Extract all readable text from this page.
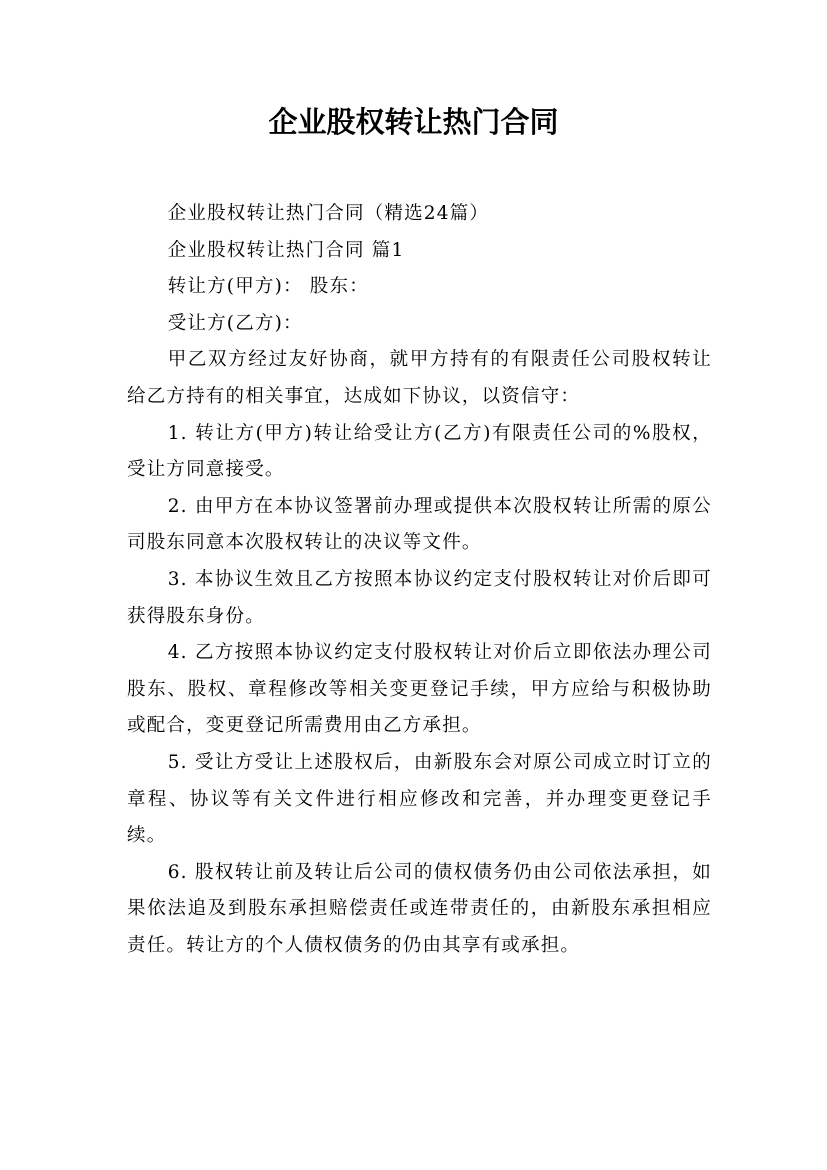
企业股权转让热门合同

企业股权转让热门合同（精选24篇）

企业股权转让热门合同 篇1

转让方(甲方)： 股东：

受让方(乙方)：

甲乙双方经过友好协商，就甲方持有的有限责任公司股权转让给乙方持有的相关事宜，达成如下协议，以资信守：

1. 转让方(甲方)转让给受让方(乙方)有限责任公司的%股权，受让方同意接受。

2. 由甲方在本协议签署前办理或提供本次股权转让所需的原公司股东同意本次股权转让的决议等文件。

3. 本协议生效且乙方按照本协议约定支付股权转让对价后即可获得股东身份。

4. 乙方按照本协议约定支付股权转让对价后立即依法办理公司股东、股权、章程修改等相关变更登记手续，甲方应给与积极协助或配合，变更登记所需费用由乙方承担。

5. 受让方受让上述股权后，由新股东会对原公司成立时订立的章程、协议等有关文件进行相应修改和完善，并办理变更登记手续。

6. 股权转让前及转让后公司的债权债务仍由公司依法承担，如果依法追及到股东承担赔偿责任或连带责任的，由新股东承担相应责任。转让方的个人债权债务的仍由其享有或承担。
